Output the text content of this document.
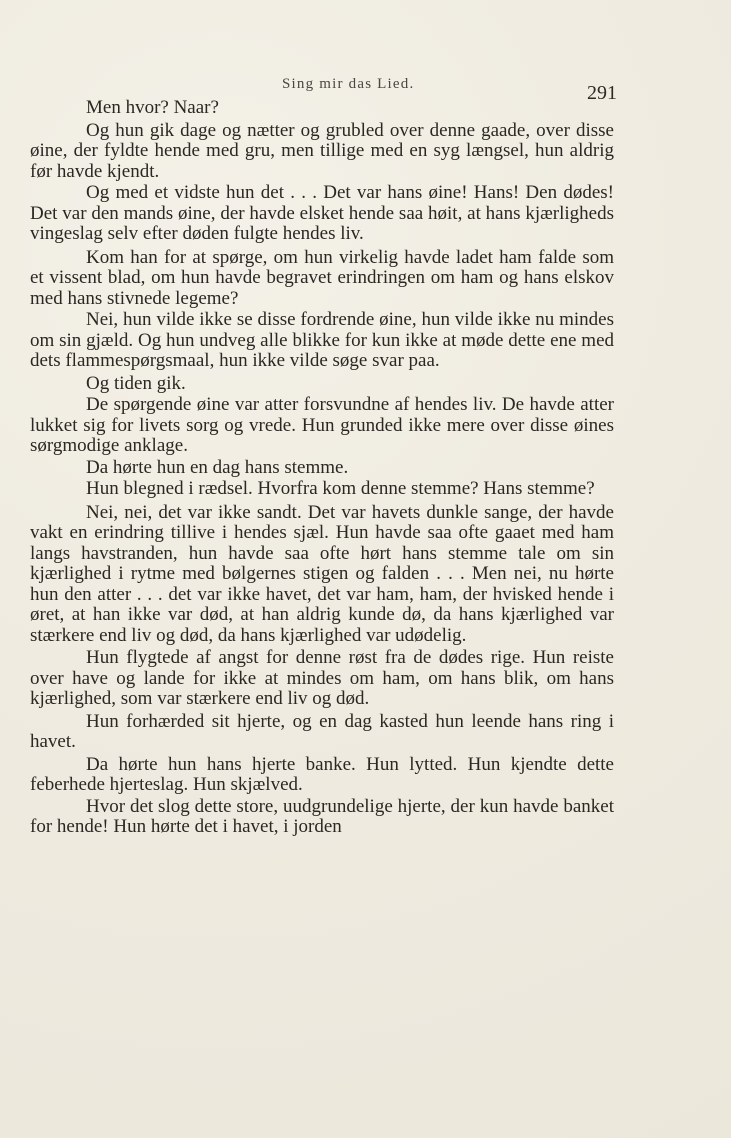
Sing mir das Lied.	291

Men hvor? Naar?

Og hun gik dage og nætter og grubled over denne gaade, over disse øine, der fyldte hende med gru, men tillige med en syg længsel, hun aldrig før havde kjendt.

Og med et vidste hun det . . . Det var hans øine! Hans! Den dødes! Det var den mands øine, der havde elsket hende saa høit, at hans kjærligheds vingeslag selv efter døden fulgte hendes liv.

Kom han for at spørge, om hun virkelig havde ladet ham falde som et vissent blad, om hun havde begravet erindringen om ham og hans elskov med hans stivnede legeme?

Nei, hun vilde ikke se disse fordrende øine, hun vilde ikke nu mindes om sin gjæld. Og hun undveg alle blikke for kun ikke at møde dette ene med dets flammespørgsmaal, hun ikke vilde søge svar paa.

Og tiden gik.

De spørgende øine var atter forsvundne af hendes liv. De havde atter lukket sig for livets sorg og vrede. Hun grunded ikke mere over disse øines sørgmodige anklage.

Da hørte hun en dag hans stemme.

Hun blegned i rædsel. Hvorfra kom denne stemme? Hans stemme?

Nei, nei, det var ikke sandt. Det var havets dunkle sange, der havde vakt en erindring tillive i hendes sjæl. Hun havde saa ofte gaaet med ham langs havstranden, hun havde saa ofte hørt hans stemme tale om sin kjærlighed i rytme med bølgernes stigen og falden . . . Men nei, nu hørte hun den atter . . . det var ikke havet, det var ham, ham, der hvisked hende i øret, at han ikke var død, at han aldrig kunde dø, da hans kjærlighed var stærkere end liv og død, da hans kjærlighed var udødelig.

Hun flygtede af angst for denne røst fra de dødes rige. Hun reiste over have og lande for ikke at mindes om ham, om hans blik, om hans kjærlighed, som var stærkere end liv og død.

Hun forhærded sit hjerte, og en dag kasted hun leende hans ring i havet.

Da hørte hun hans hjerte banke. Hun lytted. Hun kjendte dette feberhede hjerteslag. Hun skjælved.

Hvor det slog dette store, uudgrundelige hjerte, der kun havde banket for hende! Hun hørte det i havet, i jorden
